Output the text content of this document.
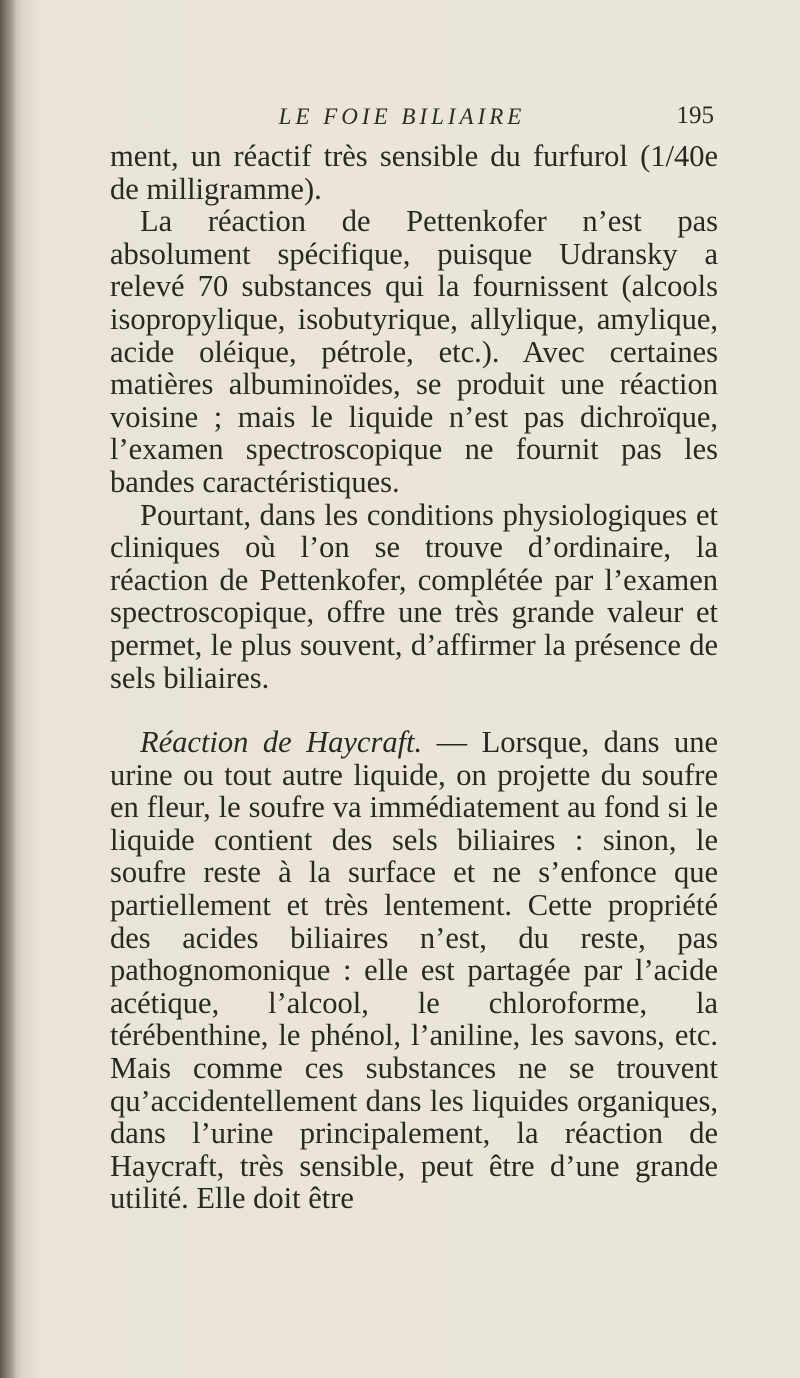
LE FOIE BILIAIRE	195

ment, un réactif très sensible du furfurol (1/40e de milligramme).

La réaction de Pettenkofer n’est pas absolument spécifique, puisque Udransky a relevé 70 substances qui la fournissent (alcools isopropylique, isobutyrique, allylique, amylique, acide oléique, pétrole, etc.). Avec certaines matières albuminoïdes, se produit une réaction voisine ; mais le liquide n’est pas dichroïque, l’examen spectroscopique ne fournit pas les bandes caractéristiques.

Pourtant, dans les conditions physiologiques et cliniques où l’on se trouve d’ordinaire, la réaction de Pettenkofer, complétée par l’examen spectroscopique, offre une très grande valeur et permet, le plus souvent, d’affirmer la présence de sels biliaires.

Réaction de Haycraft. — Lorsque, dans une urine ou tout autre liquide, on projette du soufre en fleur, le soufre va immédiatement au fond si le liquide contient des sels biliaires : sinon, le soufre reste à la surface et ne s’enfonce que partiellement et très lentement. Cette propriété des acides biliaires n’est, du reste, pas pathognomonique : elle est partagée par l’acide acétique, l’alcool, le chloroforme, la térébenthine, le phénol, l’aniline, les savons, etc. Mais comme ces substances ne se trouvent qu’accidentellement dans les liquides organiques, dans l’urine principalement, la réaction de Haycraft, très sensible, peut être d’une grande utilité. Elle doit être
